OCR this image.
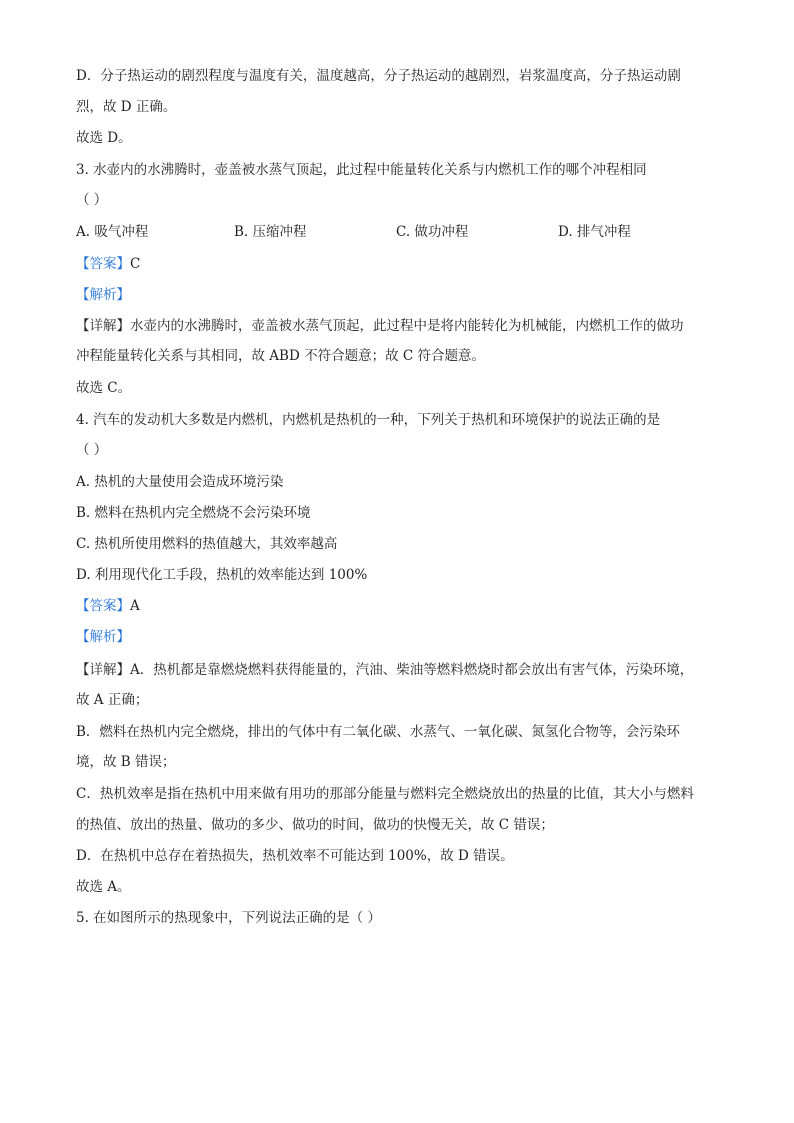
D．分子热运动的剧烈程度与温度有关，温度越高，分子热运动的越剧烈，岩浆温度高，分子热运动剧
烈，故 D 正确。
故选 D。
3. 水壶内的水沸腾时，壶盖被水蒸气顶起，此过程中能量转化关系与内燃机工作的哪个冲程相同
（ ）
A. 吸气冲程	B. 压缩冲程	C. 做功冲程	D. 排气冲程
【答案】C
【解析】
【详解】水壶内的水沸腾时，壶盖被水蒸气顶起，此过程中是将内能转化为机械能，内燃机工作的做功
冲程能量转化关系与其相同，故 ABD 不符合题意；故 C 符合题意。
故选 C。
4. 汽车的发动机大多数是内燃机，内燃机是热机的一种，下列关于热机和环境保护的说法正确的是
（ ）
A. 热机的大量使用会造成环境污染
B. 燃料在热机内完全燃烧不会污染环境
C. 热机所使用燃料的热值越大，其效率越高
D. 利用现代化工手段，热机的效率能达到 100%
【答案】A
【解析】
【详解】A．热机都是靠燃烧燃料获得能量的，汽油、柴油等燃料燃烧时都会放出有害气体，污染环境，
故 A 正确；
B．燃料在热机内完全燃烧，排出的气体中有二氧化碳、水蒸气、一氧化碳、氮氢化合物等，会污染环
境，故 B 错误；
C．热机效率是指在热机中用来做有用功的那部分能量与燃料完全燃烧放出的热量的比值，其大小与燃料
的热值、放出的热量、做功的多少、做功的时间，做功的快慢无关，故 C 错误；
D．在热机中总存在着热损失，热机效率不可能达到 100%，故 D 错误。
故选 A。
5. 在如图所示的热现象中，下列说法正确的是（ ）
